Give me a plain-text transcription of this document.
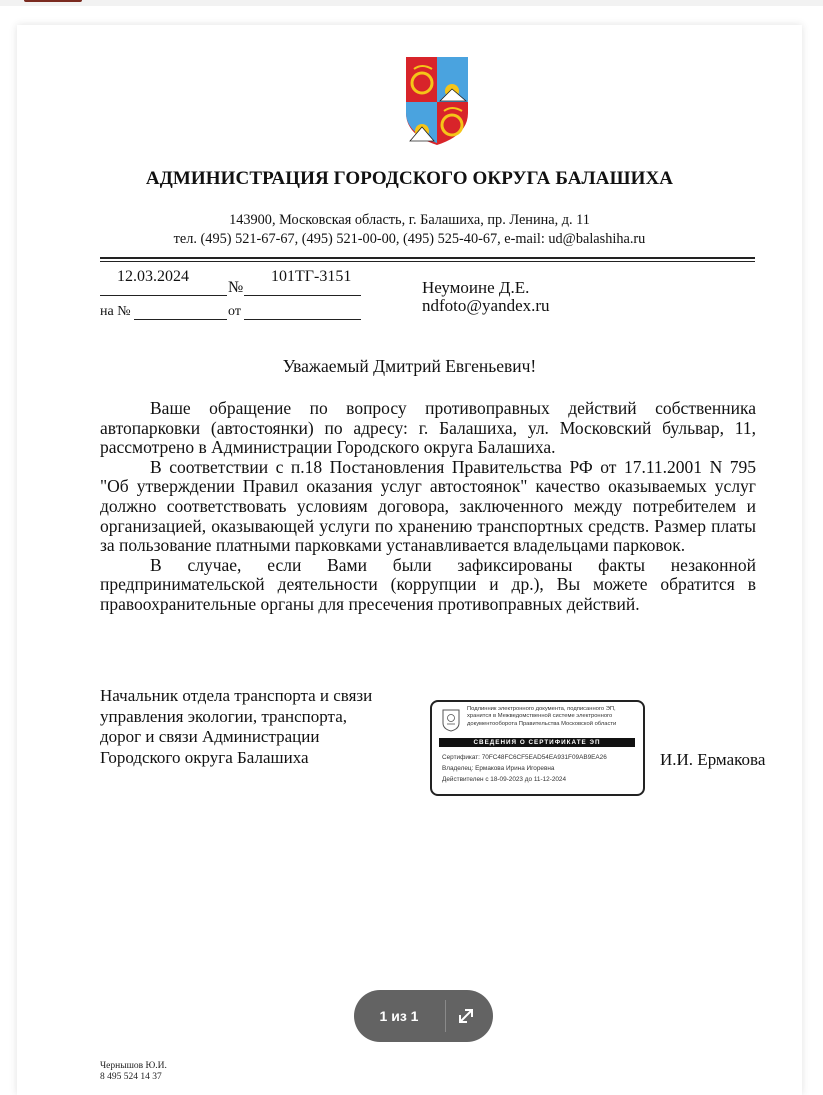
АДМИНИСТРАЦИЯ ГОРОДСКОГО ОКРУГА БАЛАШИХА
143900, Московская область, г. Балашиха, пр. Ленина, д. 11
тел. (495) 521-67-67, (495) 521-00-00, (495) 525-40-67, e-mail: ud@balashiha.ru
12.03.2024
№
101ТГ-3151
на №	от
Неумоине Д.Е.
ndfoto@yandex.ru
Уважаемый Дмитрий Евгеньевич!

Ваше обращение по вопросу противоправных действий собственника автопарковки (автостоянки) по адресу: г. Балашиха, ул. Московский бульвар, 11, рассмотрено в Администрации Городского округа Балашиха.

В соответствии с п.18 Постановления Правительства РФ от 17.11.2001 N 795 "Об утверждении Правил оказания услуг автостоянок" качество оказываемых услуг должно соответствовать условиям договора, заключенного между потребителем и организацией, оказывающей услуги по хранению транспортных средств. Размер платы за пользование платными парковками устанавливается владельцами парковок.

В случае, если Вами были зафиксированы факты незаконной предпринимательской деятельности (коррупции и др.), Вы можете обратится в правоохранительные органы для пресечения противоправных действий.

Начальник отдела транспорта и связи
управления экологии, транспорта,
дорог и связи Администрации
Городского округа Балашиха	И.И. Ермакова
Подлинник электронного документа, подписанного ЭП, хранится в Межведомственной системе электронного документооборота Правительства Московской области
СВЕДЕНИЯ О СЕРТИФИКАТЕ ЭП
Сертификат: 70FC48FC6CF5EAD54EA931F09AB9EA26
Владелец: Ермакова Ирина Игоревна
Действителен с 18-09-2023 до 11-12-2024
Чернышов Ю.И.
8 495 524 14 37
1 из 1
